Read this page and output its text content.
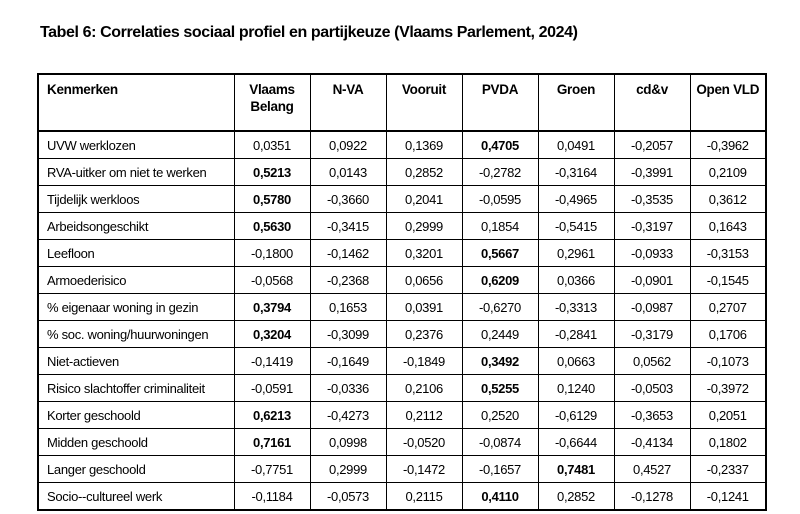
Tabel 6: Correlaties sociaal profiel en partijkeuze (Vlaams Parlement, 2024)
Kenmerken	Vlaams Belang	N-VA	Vooruit	PVDA	Groen	cd&v	Open VLD
UVW werklozen	0,0351	0,0922	0,1369	0,4705	0,0491	-0,2057	-0,3962
RVA-uitker om niet te werken	0,5213	0,0143	0,2852	-0,2782	-0,3164	-0,3991	0,2109
Tijdelijk werkloos	0,5780	-0,3660	0,2041	-0,0595	-0,4965	-0,3535	0,3612
Arbeidsongeschikt	0,5630	-0,3415	0,2999	0,1854	-0,5415	-0,3197	0,1643
Leefloon	-0,1800	-0,1462	0,3201	0,5667	0,2961	-0,0933	-0,3153
Armoederisico	-0,0568	-0,2368	0,0656	0,6209	0,0366	-0,0901	-0,1545
% eigenaar woning in gezin	0,3794	0,1653	0,0391	-0,6270	-0,3313	-0,0987	0,2707
% soc. woning/huurwoningen	0,3204	-0,3099	0,2376	0,2449	-0,2841	-0,3179	0,1706
Niet-actieven	-0,1419	-0,1649	-0,1849	0,3492	0,0663	0,0562	-0,1073
Risico slachtoffer criminaliteit	-0,0591	-0,0336	0,2106	0,5255	0,1240	-0,0503	-0,3972
Korter geschoold	0,6213	-0,4273	0,2112	0,2520	-0,6129	-0,3653	0,2051
Midden geschoold	0,7161	0,0998	-0,0520	-0,0874	-0,6644	-0,4134	0,1802
Langer geschoold	-0,7751	0,2999	-0,1472	-0,1657	0,7481	0,4527	-0,2337
Socio--cultureel werk	-0,1184	-0,0573	0,2115	0,4110	0,2852	-0,1278	-0,1241
